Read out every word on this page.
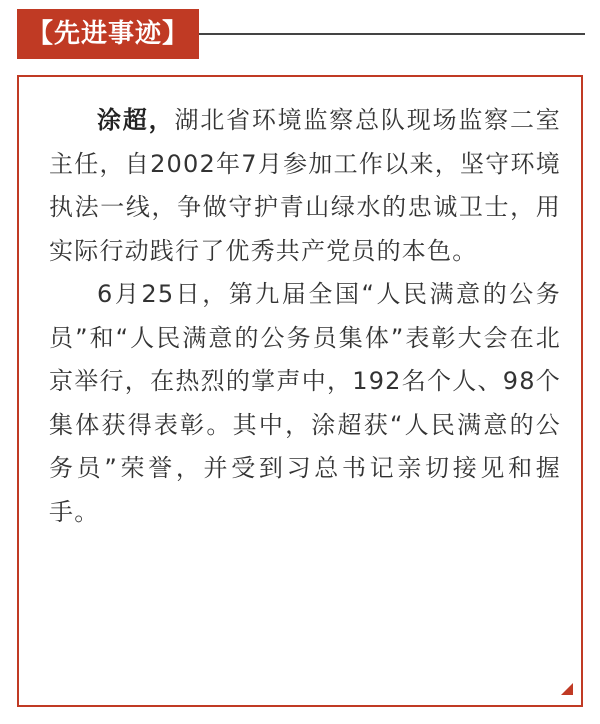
【先进事迹】

涂超，湖北省环境监察总队现场监察二室主任，自2002年7月参加工作以来，坚守环境执法一线，争做守护青山绿水的忠诚卫士，用实际行动践行了优秀共产党员的本色。

6月25日，第九届全国“人民满意的公务员”和“人民满意的公务员集体”表彰大会在北京举行，在热烈的掌声中，192名个人、98个集体获得表彰。其中，涂超获“人民满意的公务员”荣誉，并受到习总书记亲切接见和握手。
